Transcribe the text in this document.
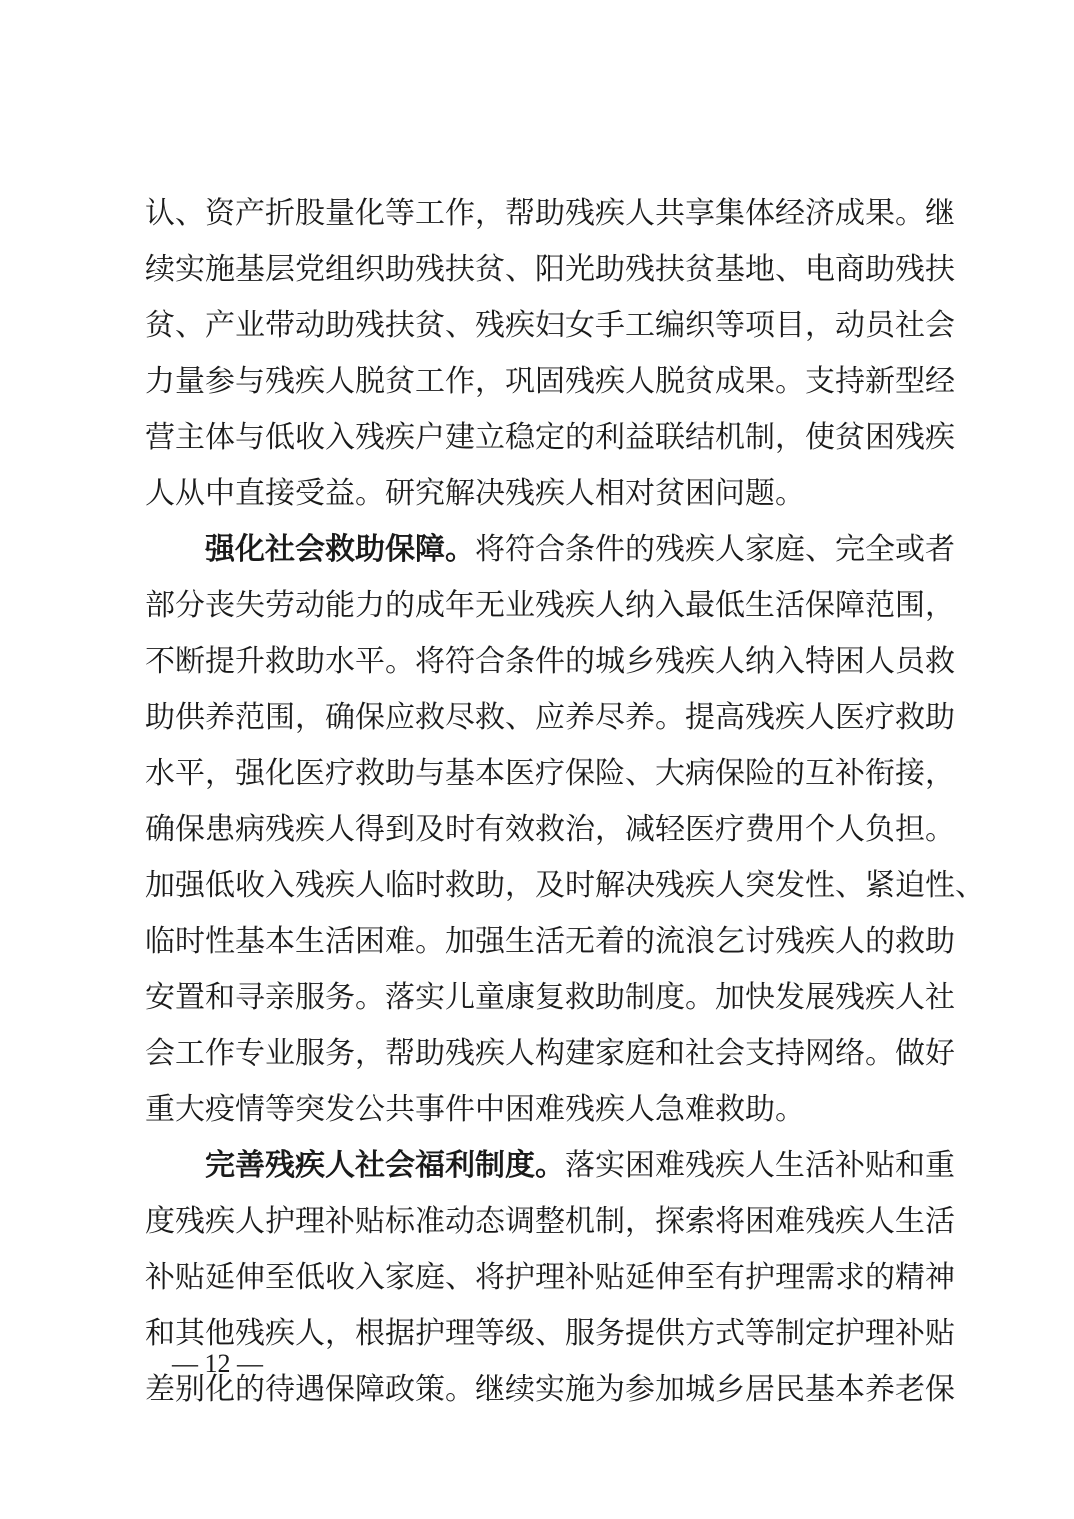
认、资产折股量化等工作，帮助残疾人共享集体经济成果。继
续实施基层党组织助残扶贫、阳光助残扶贫基地、电商助残扶
贫、产业带动助残扶贫、残疾妇女手工编织等项目，动员社会
力量参与残疾人脱贫工作，巩固残疾人脱贫成果。支持新型经
营主体与低收入残疾户建立稳定的利益联结机制，使贫困残疾
人从中直接受益。研究解决残疾人相对贫困问题。
强化社会救助保障。将符合条件的残疾人家庭、完全或者
部分丧失劳动能力的成年无业残疾人纳入最低生活保障范围，
不断提升救助水平。将符合条件的城乡残疾人纳入特困人员救
助供养范围，确保应救尽救、应养尽养。提高残疾人医疗救助
水平，强化医疗救助与基本医疗保险、大病保险的互补衔接，
确保患病残疾人得到及时有效救治，减轻医疗费用个人负担。
加强低收入残疾人临时救助，及时解决残疾人突发性、紧迫性、
临时性基本生活困难。加强生活无着的流浪乞讨残疾人的救助
安置和寻亲服务。落实儿童康复救助制度。加快发展残疾人社
会工作专业服务，帮助残疾人构建家庭和社会支持网络。做好
重大疫情等突发公共事件中困难残疾人急难救助。
完善残疾人社会福利制度。落实困难残疾人生活补贴和重
度残疾人护理补贴标准动态调整机制，探索将困难残疾人生活
补贴延伸至低收入家庭、将护理补贴延伸至有护理需求的精神
和其他残疾人，根据护理等级、服务提供方式等制定护理补贴
差别化的待遇保障政策。继续实施为参加城乡居民基本养老保
— 12 —
